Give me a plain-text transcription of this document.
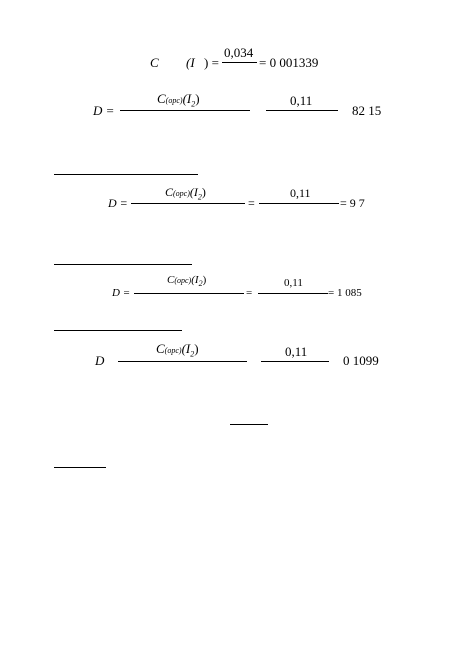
C (I ) =
0,034
= 0 001339
D =
$C(opc)(I_2)$	0,11
82 15
D =
$C(opc)(I_2)$
=
0,11
= 9 7
D =
$C(opc)(I_2)$
=
0,11
= 1 085
D
$C(opc)(I_2)$	0,11
0 1099
